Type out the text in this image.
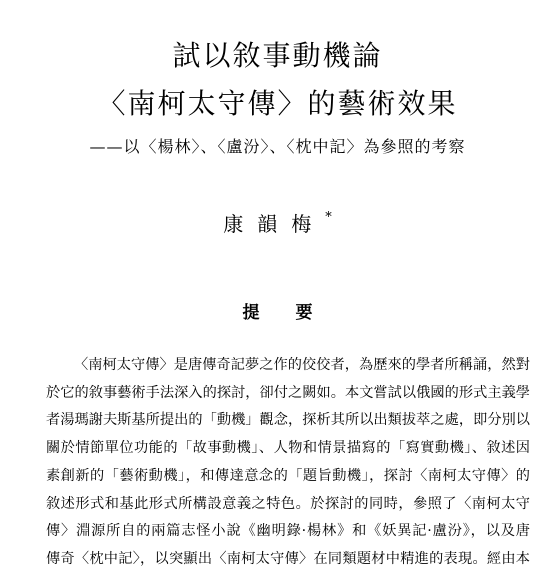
試以敘事動機論
〈南柯太守傳〉的藝術效果
——以〈楊林〉、〈盧汾〉、〈枕中記〉為參照的考察
康韻梅*
提要
〈南柯太守傳〉是唐傳奇記夢之作的佼佼者，為歷來的學者所稱誦，然對
於它的敘事藝術手法深入的探討，卻付之闕如。本文嘗試以俄國的形式主義學
者湯瑪謝夫斯基所提出的「動機」觀念，探析其所以出類拔萃之處，即分別以
關於情節單位功能的「故事動機」、人物和情景描寫的「寫實動機」、敘述因
素創新的「藝術動機」，和傳達意念的「題旨動機」，探討〈南柯太守傳〉的
敘述形式和基此形式所構設意義之特色。於探討的同時，參照了〈南柯太守
傳〉淵源所自的兩篇志怪小說《幽明錄·楊林》和《妖異記·盧汾》，以及唐
傳奇〈枕中記〉，以突顯出〈南柯太守傳〉在同類題材中精進的表現。經由本
